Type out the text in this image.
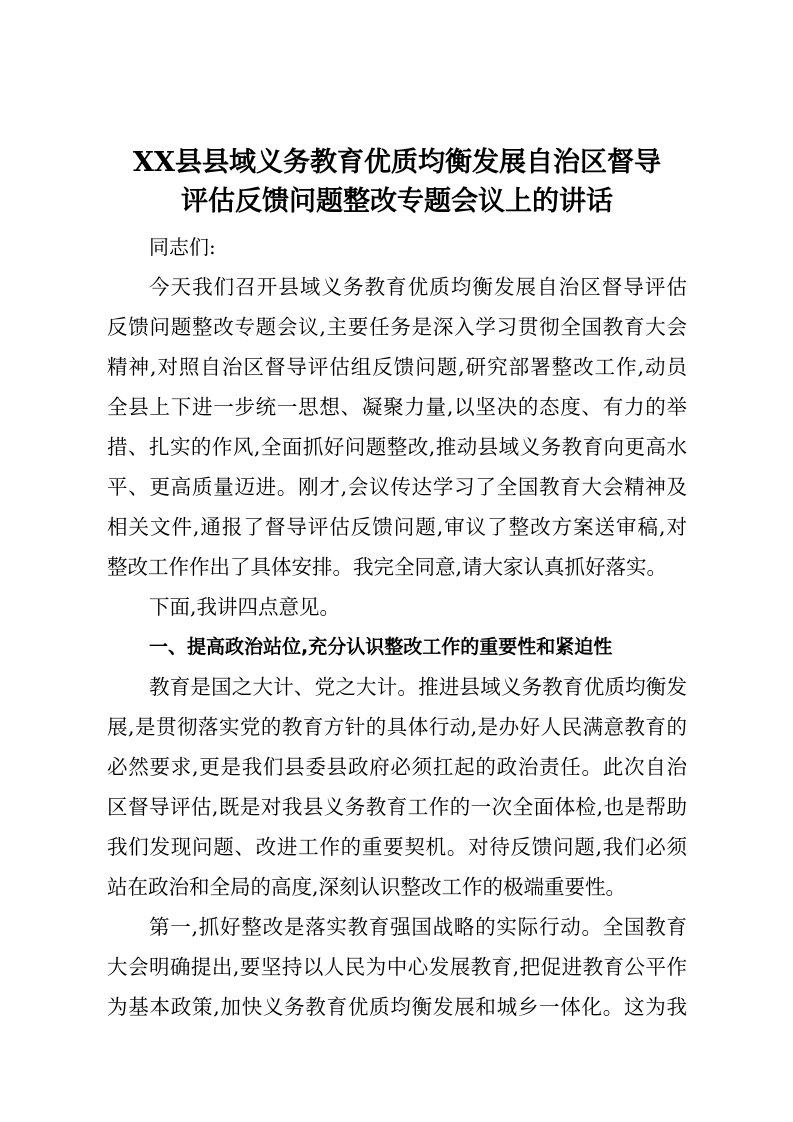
XX县县域义务教育优质均衡发展自治区督导
评估反馈问题整改专题会议上的讲话

同志们:

今天我们召开县域义务教育优质均衡发展自治区督导评估
反馈问题整改专题会议,主要任务是深入学习贯彻全国教育大会
精神,对照自治区督导评估组反馈问题,研究部署整改工作,动员
全县上下进一步统一思想、凝聚力量,以坚决的态度、有力的举
措、扎实的作风,全面抓好问题整改,推动县域义务教育向更高水
平、更高质量迈进。刚才,会议传达学习了全国教育大会精神及
相关文件,通报了督导评估反馈问题,审议了整改方案送审稿,对
整改工作作出了具体安排。我完全同意,请大家认真抓好落实。

下面,我讲四点意见。

一、提高政治站位,充分认识整改工作的重要性和紧迫性

教育是国之大计、党之大计。推进县域义务教育优质均衡发
展,是贯彻落实党的教育方针的具体行动,是办好人民满意教育的
必然要求,更是我们县委县政府必须扛起的政治责任。此次自治
区督导评估,既是对我县义务教育工作的一次全面体检,也是帮助
我们发现问题、改进工作的重要契机。对待反馈问题,我们必须
站在政治和全局的高度,深刻认识整改工作的极端重要性。

第一,抓好整改是落实教育强国战略的实际行动。全国教育
大会明确提出,要坚持以人民为中心发展教育,把促进教育公平作
为基本政策,加快义务教育优质均衡发展和城乡一体化。这为我
